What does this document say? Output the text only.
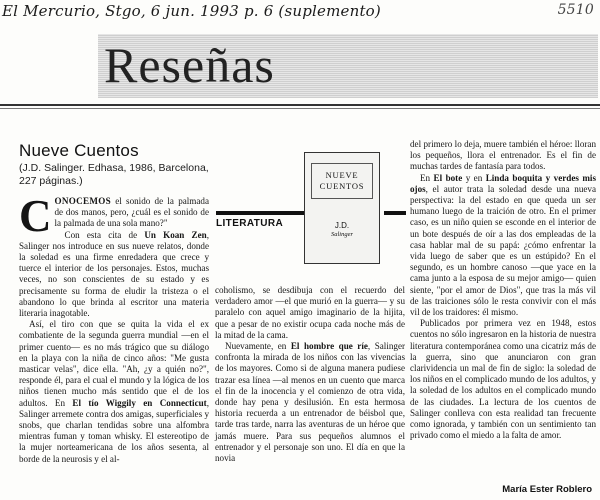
El Mercurio, Stgo, 6 jun. 1993 p. 6 (suplemento)	5510
Reseñas
Nueve Cuentos
(J.D. Salinger. Edhasa, 1986, Barcelona, 227 páginas.)
LITERATURA
NUEVE
CUENTOS
J.D.
Salinger

CONOCEMOS el sonido de la palmada de dos manos, pero, ¿cuál es el sonido de la palmada de una sola mano?"

Con esta cita de Un Koan Zen, Salinger nos introduce en sus nueve relatos, donde la soledad es una firme enredadera que crece y tuerce el interior de los personajes. Estos, muchas veces, no son conscientes de su estado y es precisamente su forma de eludir la tristeza o el abandono lo que brinda al escritor una materia literaria inagotable.

Así, el tiro con que se quita la vida el ex combatiente de la segunda guerra mundial —en el primer cuento— es no más trágico que su diálogo en la playa con la niña de cinco años: "Me gusta masticar velas", dice ella. "Ah, ¿y a quién no?", responde él, para el cual el mundo y la lógica de los niños tienen mucho más sentido que el de los adultos. En El tío Wiggily en Connecticut, Salinger arremete contra dos amigas, superficiales y snobs, que charlan tendidas sobre una alfombra mientras fuman y toman whisky. El estereotipo de la mujer norteamericana de los años sesenta, al borde de la neurosis y el al-

coholismo, se desdibuja con el recuerdo del verdadero amor —el que murió en la guerra— y su paralelo con aquel amigo imaginario de la hijita, que a pesar de no existir ocupa cada noche más de la mitad de la cama.

Nuevamente, en El hombre que ríe, Salinger confronta la mirada de los niños con las vivencias de los mayores. Como si de alguna manera pudiese trazar esa línea —al menos en un cuento que marca el fin de la inocencia y el comienzo de otra vida, donde hay pena y desilusión. En esta hermosa historia recuerda a un entrenador de béisbol que, tarde tras tarde, narra las aventuras de un héroe que jamás muere. Para sus pequeños alumnos el entrenador y el personaje son uno. El día en que la novia

del primero lo deja, muere también el héroe: lloran los pequeños, llora el entrenador. Es el fin de muchas tardes de fantasía para todos.

En El bote y en Linda boquita y verdes mis ojos, el autor trata la soledad desde una nueva perspectiva: la del estado en que queda un ser humano luego de la traición de otro. En el primer caso, es un niño quien se esconde en el interior de un bote después de oír a las dos empleadas de la casa hablar mal de su papá: ¿cómo enfrentar la vida luego de saber que es un estúpido? En el segundo, es un hombre canoso —que yace en la cama junto a la esposa de su mejor amigo— quien siente, "por el amor de Dios", que tras la más vil de las traiciones sólo le resta convivir con el más vil de los traidores: él mismo.

Publicados por primera vez en 1948, estos cuentos no sólo ingresaron en la historia de nuestra literatura contemporánea como una cicatriz más de la guerra, sino que anunciaron con gran clarividencia un mal de fin de siglo: la soledad de los niños en el complicado mundo de los adultos, y la soledad de los adultos en el complicado mundo de las ciudades. La lectura de los cuentos de Salinger conlleva con esta realidad tan frecuente como ignorada, y también con un sentimiento tan privado como el miedo a la falta de amor.

María Ester Roblero
